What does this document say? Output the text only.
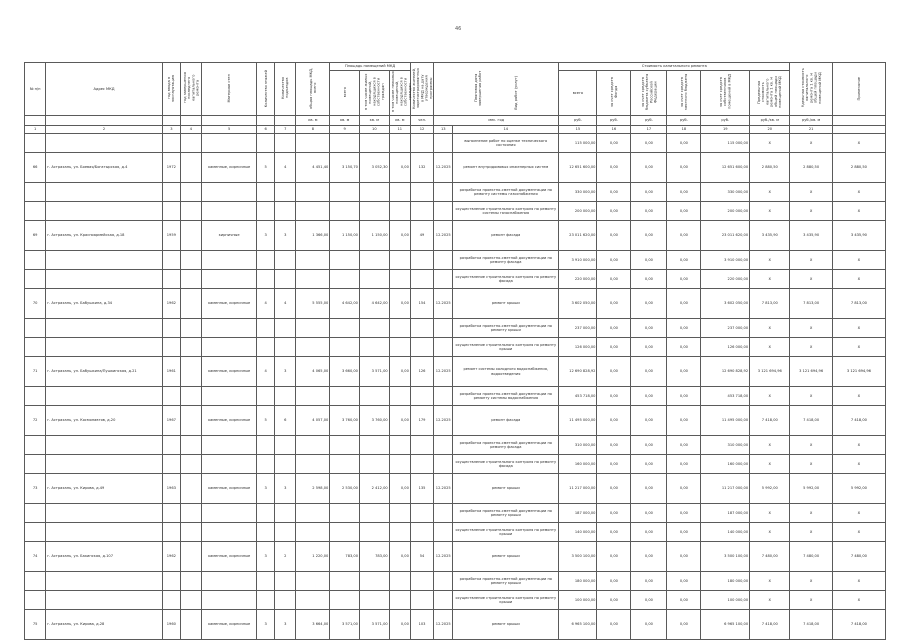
46
№ п/п	Адрес МКД	год ввода в эксплуатацию	год завершения последнего капитального ремонта	Материал стен	Количество этажей	Количество подъездов	общая площадь МКД, всего	Площадь помещений МКД			Количество жителей, зарегистрированных в МКД на дату утверждения программы	Плановая дата завершения работ Вид работ (услуг)		Стоимость капитального ремонта						Удельная стоимость капитального ремонта 1 кв. м общей площади помещений МКД	Примечание
								всего	в том числе жилых помещений, находящихся в собственности граждан	в том числе нежилых помещений, находящихся в собственности граждан				всего	за счет средств Фонда	за счет средств бюджета субъекта Российской Федерации	за счет средств местного бюджета	за счет средств собственников помещений в МКД	Предельная стоимость капитального ремонта 1 кв. м общей площади помещений МКД		
							кв. м	кв. м	кв. м	кв. м	чел.	мес. год		руб.	руб.	руб.	руб.	руб.	руб./кв. м	руб./кв. м	
1	2	3	4	5	6	7	8	9	10	11	12	13	14	15	16	17	18	19	20	21	
													выполнение работ по оценке технического состояния	115 000,00	0,00	0,00	0,00	115 000,00	X	X	X
66	г. Астрахань, ул. Боевая/Богатырская, д.4	1972		каменные, кирпичные	5	4	4 451,40	3 150,70	3 052,30	0,00	132	12.2025	ремонт внутридомовых инженерных систем	12 651 600,00	0,00	0,00	0,00	12 651 600,00	2 880,50	2 880,50	2 880,50
													разработка проектно-сметной документации по ремонту системы газоснабжения	330 000,00	0,00	0,00	0,00	330 000,00	X	X	X
													осуществление строительного контроля по ремонту системы газоснабжения	200 000,00	0,00	0,00	0,00	200 000,00	X	X	X
69	г. Астрахань, ул. Красноармейская, д.18	1959		кирпичные	3	3	1 366,00	1 150,00	1 150,00	0,00	49	12.2025	ремонт фасада	23 011 620,00	0,00	0,00	0,00	23 011 620,00	3 435,90	3 435,90	3 435,90
													разработка проектно-сметной документации по ремонту фасада	3 910 000,00	0,00	0,00	0,00	3 910 000,00	X	X	X
													осуществление строительного контроля по ремонту фасада	220 000,00	0,00	0,00	0,00	220 000,00	X	X	X
70	г. Астрахань, ул. Бабушкина, д.34	1962		каменные, кирпичные	4	4	5 555,00	4 642,00	4 642,00	0,00	154	12.2025	ремонт крыши	3 602 050,00	0,00	0,00	0,00	3 602 050,00	7 813,00	7 813,00	7 813,00
													разработка проектно-сметной документации по ремонту крыши	237 000,00	0,00	0,00	0,00	237 000,00	X	X	X
													осуществление строительного контроля по ремонту крыши	126 000,00	0,00	0,00	0,00	126 000,00	X	X	X
71	г. Астрахань, ул. Бабушкина/Пушкинская, д.21	1961		каменные, кирпичные	4	3	4 065,00	3 660,00	3 571,00	0,00	126	12.2025	ремонт системы холодного водоснабжения, водоотведения	12 690 828,92	0,00	0,00	0,00	12 690 828,92	3 121 694,96	3 121 694,96	3 121 694,96
													разработка проектно-сметной документации по ремонту системы водоснабжения	453 718,00	0,00	0,00	0,00	453 718,00	X	X	X
72	г. Астрахань, ул. Космонавтов, д.20	1967		каменные, кирпичные	5	6	4 057,00	3 760,00	3 760,00	0,00	179	12.2025	ремонт фасада	11 495 000,00	0,00	0,00	0,00	11 495 000,00	7 418,00	7 418,00	7 418,00
													разработка проектно-сметной документации по ремонту фасада	310 000,00	0,00	0,00	0,00	310 000,00	X	X	X
													осуществление строительного контроля по ремонту фасада	160 000,00	0,00	0,00	0,00	160 000,00	X	X	X
73	г. Астрахань, ул. Кирова, д.49	1963		каменные, кирпичные	3	3	2 598,00	2 530,00	2 412,00	0,00	135	12.2025	ремонт крыши	11 217 000,00	0,00	0,00	0,00	11 217 000,00	5 992,00	5 992,00	5 992,00
													разработка проектно-сметной документации по ремонту крыши	187 000,00	0,00	0,00	0,00	187 000,00	X	X	X
													осуществление строительного контроля по ремонту крыши	140 000,00	0,00	0,00	0,00	140 000,00	X	X	X
74	г. Астрахань, ул. Бакинская, д.107	1962		каменные, кирпичные	3	2	1 220,00	783,00	783,00	0,00	54	12.2025	ремонт крыши	3 500 100,00	0,00	0,00	0,00	3 500 100,00	7 480,00	7 480,00	7 480,00
													разработка проектно-сметной документации по ремонту крыши	180 000,00	0,00	0,00	0,00	180 000,00	X	X	X
													осуществление строительного контроля по ремонту крыши	100 000,00	0,00	0,00	0,00	100 000,00	X	X	X
75	г. Астрахань, ул. Кирова, д.28	1960		каменные, кирпичные	3	3	3 664,00	3 571,00	3 571,00	0,00	103	12.2025	ремонт крыши	6 965 100,00	0,00	0,00	0,00	6 965 100,00	7 418,00	7 418,00	7 418,00
